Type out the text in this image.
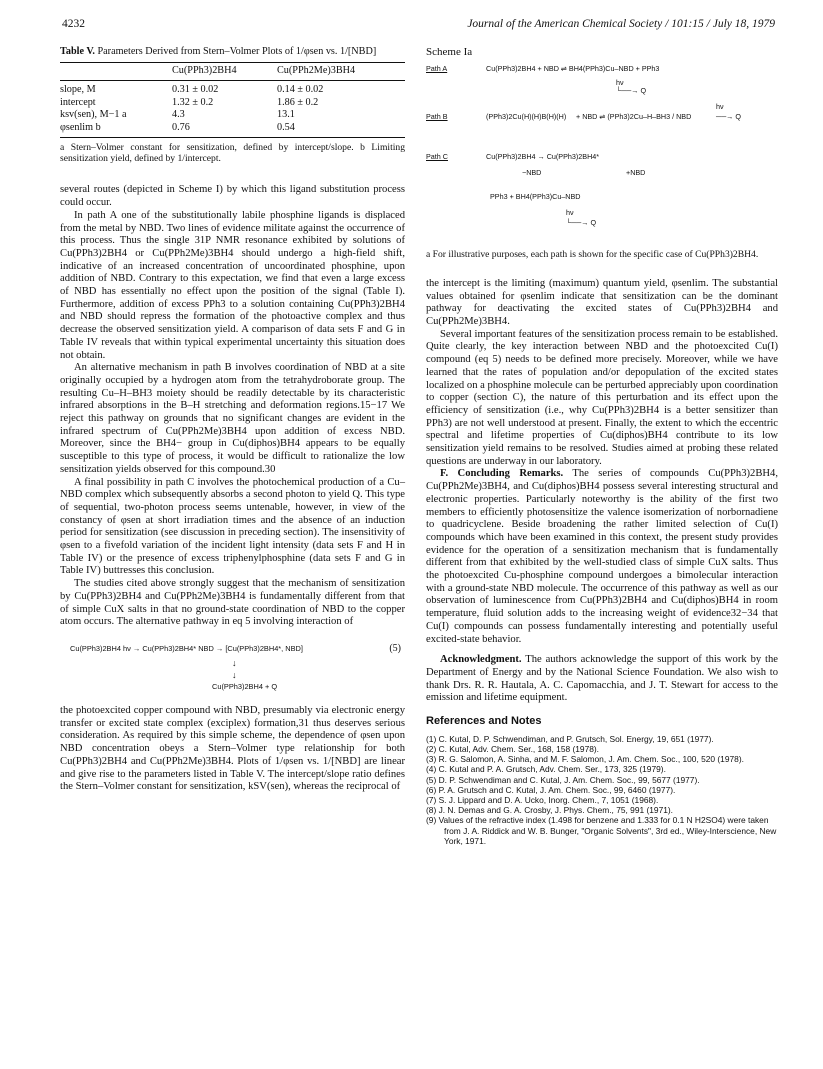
4232	Journal of the American Chemical Society / 101:15 / July 18, 1979
Table V. Parameters Derived from Stern–Volmer Plots of 1/φsen vs. 1/[NBD]
	Cu(PPh3)2BH4	Cu(PPh2Me)3BH4
slope, M	0.31 ± 0.02	0.14 ± 0.02
intercept	1.32 ± 0.2	1.86 ± 0.2
ksv(sen), M−1 a	4.3	13.1
φsenlim b	0.76	0.54
a Stern–Volmer constant for sensitization, defined by intercept/slope. b Limiting sensitization yield, defined by 1/intercept.

several routes (depicted in Scheme I) by which this ligand substitution process could occur.

In path A one of the substitutionally labile phosphine ligands is displaced from the metal by NBD. Two lines of evidence militate against the occurrence of this process. Thus the single 31P NMR resonance exhibited by solutions of Cu(PPh3)2BH4 or Cu(PPh2Me)3BH4 should undergo a high-field shift, indicative of an increased concentration of uncoordinated phosphine, upon addition of NBD. Contrary to this expectation, we find that even a large excess of NBD has essentially no effect upon the position of the signal (Table I). Furthermore, addition of excess PPh3 to a solution containing Cu(PPh3)2BH4 and NBD should repress the formation of the photoactive complex and thus decrease the observed sensitization yield. A comparison of data sets F and G in Table IV reveals that within typical experimental uncertainty this situation does not obtain.

An alternative mechanism in path B involves coordination of NBD at a site originally occupied by a hydrogen atom from the tetrahydroborate group. The resulting Cu–H–BH3 moiety should be readily detectable by its characteristic infrared absorptions in the B–H stretching and deformation regions.15−17 We reject this pathway on grounds that no significant changes are evident in the infrared spectrum of Cu(PPh2Me)3BH4 upon addition of excess NBD. Moreover, since the BH4− group in Cu(diphos)BH4 appears to be equally susceptible to this type of process, it would be difficult to rationalize the low sensitization yields observed for this compound.30

A final possibility in path C involves the photochemical production of a Cu–NBD complex which subsequently absorbs a second photon to yield Q. This type of sequential, two-photon process seems untenable, however, in view of the constancy of φsen at short irradiation times and the absence of an induction period for sensitization (see discussion in preceding section). The insensitivity of φsen to a fivefold variation of the incident light intensity (data sets F and H in Table IV) or the presence of excess triphenylphosphine (data sets F and G in Table IV) buttresses this conclusion.

The studies cited above strongly suggest that the mechanism of sensitization by Cu(PPh3)2BH4 and Cu(PPh2Me)3BH4 is fundamentally different from that of simple CuX salts in that no ground-state coordination of NBD to the copper atom occurs. The alternative pathway in eq 5 involving interaction of

Cu(PPh3)2BH4 hν → Cu(PPh3)2BH4* NBD → [Cu(PPh3)2BH4*, NBD]	(5)
↓
↓
Cu(PPh3)2BH4 + Q

the photoexcited copper compound with NBD, presumably via electronic energy transfer or excited state complex (exciplex) formation,31 thus deserves serious consideration. As required by this simple scheme, the dependence of φsen upon NBD concentration obeys a Stern–Volmer type relationship for both Cu(PPh3)2BH4 and Cu(PPh2Me)3BH4. Plots of 1/φsen vs. 1/[NBD] are linear and give rise to the parameters listed in Table V. The intercept/slope ratio defines the Stern–Volmer constant for sensitization, kSV(sen), whereas the reciprocal of

Scheme Ia
Path A	Cu(PPh3)2BH4 + NBD ⇌ BH4(PPh3)Cu–NBD + PPh3
hν
└──→ Q
Path B	(PPh3)2Cu(H)(H)B(H)(H) + NBD ⇌ (PPh3)2Cu–H–BH3 / NBD
hν
──→ Q
Path C	Cu(PPh3)2BH4 → Cu(PPh3)2BH4*
−NBD	+NBD
PPh3 + BH4(PPh3)Cu–NBD
hν
└──→ Q
a For illustrative purposes, each path is shown for the specific case of Cu(PPh3)2BH4.

the intercept is the limiting (maximum) quantum yield, φsenlim. The substantial values obtained for φsenlim indicate that sensitization can be the dominant pathway for deactivating the excited states of Cu(PPh3)2BH4 and Cu(PPh2Me)3BH4.

Several important features of the sensitization process remain to be established. Quite clearly, the key interaction between NBD and the photoexcited Cu(I) compound (eq 5) needs to be defined more precisely. Moreover, while we have learned that the rates of population and/or depopulation of the excited states localized on a phosphine molecule can be perturbed appreciably upon coordination to copper (section C), the nature of this perturbation and its effect upon the efficiency of sensitization (i.e., why Cu(PPh3)2BH4 is a better sensitizer than PPh3) are not well understood at present. Finally, the extent to which the eccentric spectral and lifetime properties of Cu(diphos)BH4 contribute to its low sensitization yield remains to be resolved. Studies aimed at probing these related questions are underway in our laboratory.

F. Concluding Remarks. The series of compounds Cu(PPh3)2BH4, Cu(PPh2Me)3BH4, and Cu(diphos)BH4 possess several interesting structural and electronic properties. Particularly noteworthy is the ability of the first two members to efficiently photosensitize the valence isomerization of norbornadiene to quadricyclene. Beside broadening the rather limited selection of Cu(I) compounds which have been examined in this context, the present study provides evidence for the operation of a sensitization mechanism that is fundamentally different from that exhibited by the well-studied class of simple CuX salts. Thus the photoexcited Cu-phosphine compound undergoes a bimolecular interaction with a ground-state NBD molecule. The occurrence of this pathway as well as our observation of luminescence from Cu(PPh3)2BH4 and Cu(diphos)BH4 in room temperature, fluid solution adds to the increasing weight of evidence32−34 that Cu(I) compounds can possess fundamentally interesting and potentially useful excited-state behavior.

Acknowledgment. The authors acknowledge the support of this work by the Department of Energy and by the National Science Foundation. We also wish to thank Drs. R. R. Hautala, A. C. Capomacchia, and J. T. Stewart for access to the emission and lifetime equipment.

References and Notes
(1) C. Kutal, D. P. Schwendiman, and P. Grutsch, Sol. Energy, 19, 651 (1977).
(2) C. Kutal, Adv. Chem. Ser., 168, 158 (1978).
(3) R. G. Salomon, A. Sinha, and M. F. Salomon, J. Am. Chem. Soc., 100, 520 (1978).
(4) C. Kutal and P. A. Grutsch, Adv. Chem. Ser., 173, 325 (1979).
(5) D. P. Schwendiman and C. Kutal, J. Am. Chem. Soc., 99, 5677 (1977).
(6) P. A. Grutsch and C. Kutal, J. Am. Chem. Soc., 99, 6460 (1977).
(7) S. J. Lippard and D. A. Ucko, Inorg. Chem., 7, 1051 (1968).
(8) J. N. Demas and G. A. Crosby, J. Phys. Chem., 75, 991 (1971).
(9) Values of the refractive index (1.498 for benzene and 1.333 for 0.1 N H2SO4) were taken from J. A. Riddick and W. B. Bunger, "Organic Solvents", 3rd ed., Wiley-Interscience, New York, 1971.
